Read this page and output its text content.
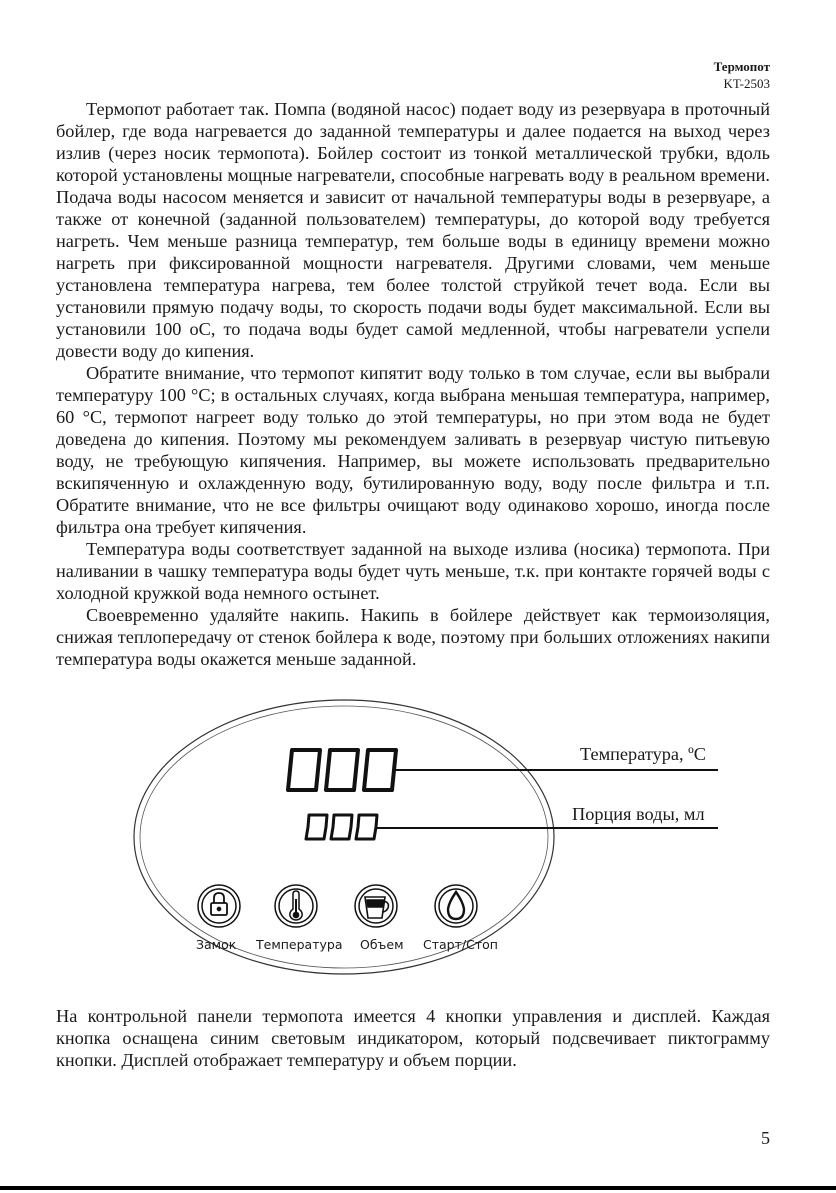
Термопот
KT-2503

Термопот работает так. Помпа (водяной насос) подает воду из резервуара в проточный бойлер, где вода нагревается до заданной температуры и далее подается на выход через излив (через носик термопота). Бойлер состоит из тонкой металлической трубки, вдоль которой установлены мощные нагреватели, способные нагревать воду в реальном времени. Подача воды насосом меняется и зависит от начальной температуры воды в резервуаре, а также от конечной (заданной пользователем) температуры, до которой воду требуется нагреть. Чем меньше разница температур, тем больше воды в единицу времени можно нагреть при фиксированной мощности нагревателя. Другими словами, чем меньше установлена температура нагрева, тем более толстой струйкой течет вода. Если вы установили прямую подачу воды, то скорость подачи воды будет максимальной. Если вы установили 100 oC, то подача воды будет самой медленной, чтобы нагреватели успели довести воду до кипения.

Обратите внимание, что термопот кипятит воду только в том случае, если вы выбрали температуру 100 °C; в остальных случаях, когда выбрана меньшая температура, например, 60 °C, термопот нагреет воду только до этой температуры, но при этом вода не будет доведена до кипения. Поэтому мы рекомендуем заливать в резервуар чистую питьевую воду, не требующую кипячения. Например, вы можете использовать предварительно вскипяченную и охлажденную воду, бутилированную воду, воду после фильтра и т.п. Обратите внимание, что не все фильтры очищают воду одинаково хорошо, иногда после фильтра она требует кипячения.

Температура воды соответствует заданной на выходе излива (носика) термопота. При наливании в чашку температура воды будет чуть меньше, т.к. при контакте горячей воды с холодной кружкой вода немного остынет.

Своевременно удаляйте накипь. Накипь в бойлере действует как термоизоляция, снижая теплопередачу от стенок бойлера к воде, поэтому при больших отложениях накипи температура воды окажется меньше заданной.

Температура, ºС
Порция воды, мл
Замок Температура Объем Старт/Стоп

На контрольной панели термопота имеется 4 кнопки управления и дисплей. Каждая кнопка оснащена синим световым индикатором, который подсвечивает пиктограмму кнопки. Дисплей отображает температуру и объем порции.

5
